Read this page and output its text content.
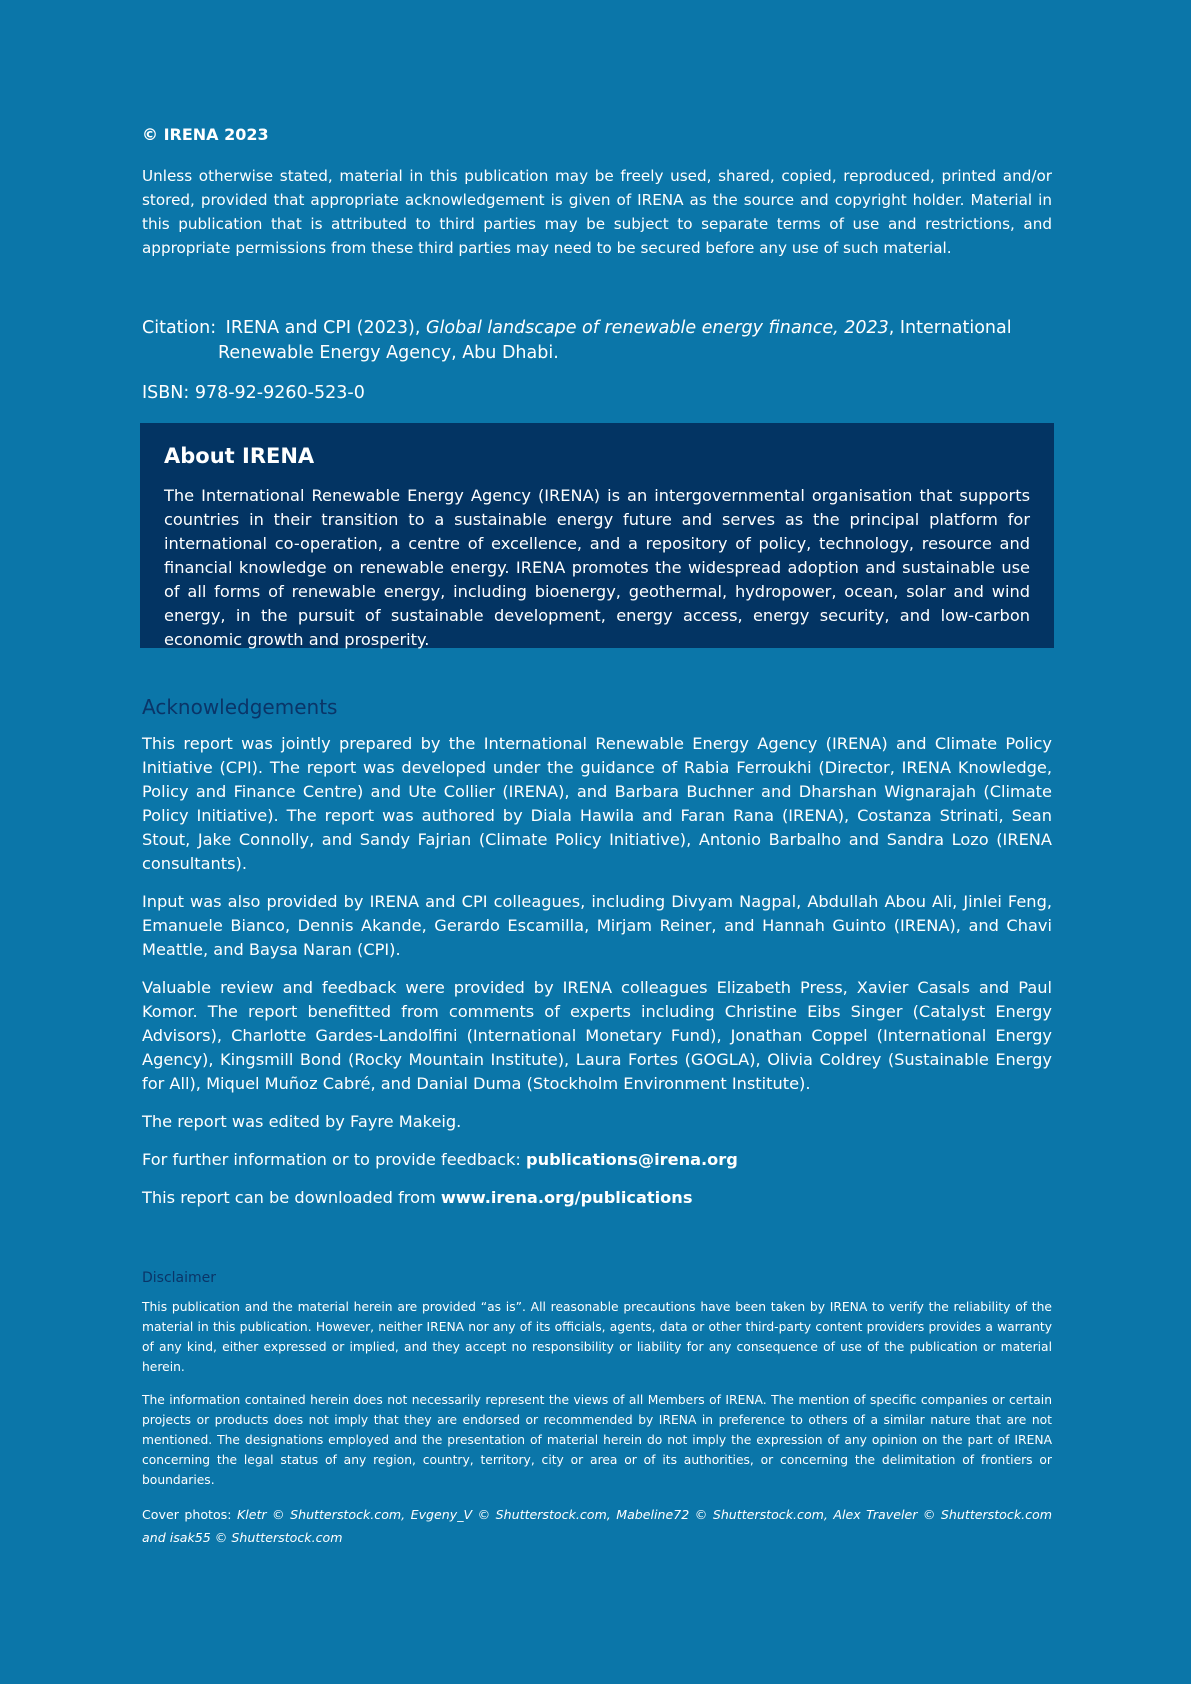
© IRENA 2023

Unless otherwise stated, material in this publication may be freely used, shared, copied, reproduced, printed and/or stored, provided that appropriate acknowledgement is given of IRENA as the source and copyright holder. Material in this publication that is attributed to third parties may be subject to separate terms of use and restrictions, and appropriate permissions from these third parties may need to be secured before any use of such material.

Citation: IRENA and CPI (2023), Global landscape of renewable energy finance, 2023, International Renewable Energy Agency, Abu Dhabi.

ISBN: 978-92-9260-523-0

About IRENA

The International Renewable Energy Agency (IRENA) is an intergovernmental organisation that supports countries in their transition to a sustainable energy future and serves as the principal platform for international co-operation, a centre of excellence, and a repository of policy, technology, resource and financial knowledge on renewable energy. IRENA promotes the widespread adoption and sustainable use of all forms of renewable energy, including bioenergy, geothermal, hydropower, ocean, solar and wind energy, in the pursuit of sustainable development, energy access, energy security, and low-carbon economic growth and prosperity.

Acknowledgements

This report was jointly prepared by the International Renewable Energy Agency (IRENA) and Climate Policy Initiative (CPI). The report was developed under the guidance of Rabia Ferroukhi (Director, IRENA Knowledge, Policy and Finance Centre) and Ute Collier (IRENA), and Barbara Buchner and Dharshan Wignarajah (Climate Policy Initiative). The report was authored by Diala Hawila and Faran Rana (IRENA), Costanza Strinati, Sean Stout, Jake Connolly, and Sandy Fajrian (Climate Policy Initiative), Antonio Barbalho and Sandra Lozo (IRENA consultants).

Input was also provided by IRENA and CPI colleagues, including Divyam Nagpal, Abdullah Abou Ali, Jinlei Feng, Emanuele Bianco, Dennis Akande, Gerardo Escamilla, Mirjam Reiner, and Hannah Guinto (IRENA), and Chavi Meattle, and Baysa Naran (CPI).

Valuable review and feedback were provided by IRENA colleagues Elizabeth Press, Xavier Casals and Paul Komor. The report benefitted from comments of experts including Christine Eibs Singer (Catalyst Energy Advisors), Charlotte Gardes-Landolfini (International Monetary Fund), Jonathan Coppel (International Energy Agency), Kingsmill Bond (Rocky Mountain Institute), Laura Fortes (GOGLA), Olivia Coldrey (Sustainable Energy for All), Miquel Muñoz Cabré, and Danial Duma (Stockholm Environment Institute).

The report was edited by Fayre Makeig.

For further information or to provide feedback: publications@irena.org

This report can be downloaded from www.irena.org/publications

Disclaimer

This publication and the material herein are provided “as is”. All reasonable precautions have been taken by IRENA to verify the reliability of the material in this publication. However, neither IRENA nor any of its officials, agents, data or other third-party content providers provides a warranty of any kind, either expressed or implied, and they accept no responsibility or liability for any consequence of use of the publication or material herein.

The information contained herein does not necessarily represent the views of all Members of IRENA. The mention of specific companies or certain projects or products does not imply that they are endorsed or recommended by IRENA in preference to others of a similar nature that are not mentioned. The designations employed and the presentation of material herein do not imply the expression of any opinion on the part of IRENA concerning the legal status of any region, country, territory, city or area or of its authorities, or concerning the delimitation of frontiers or boundaries.

Cover photos: Kletr © Shutterstock.com, Evgeny_V © Shutterstock.com, Mabeline72 © Shutterstock.com, Alex Traveler © Shutterstock.com and isak55 © Shutterstock.com
